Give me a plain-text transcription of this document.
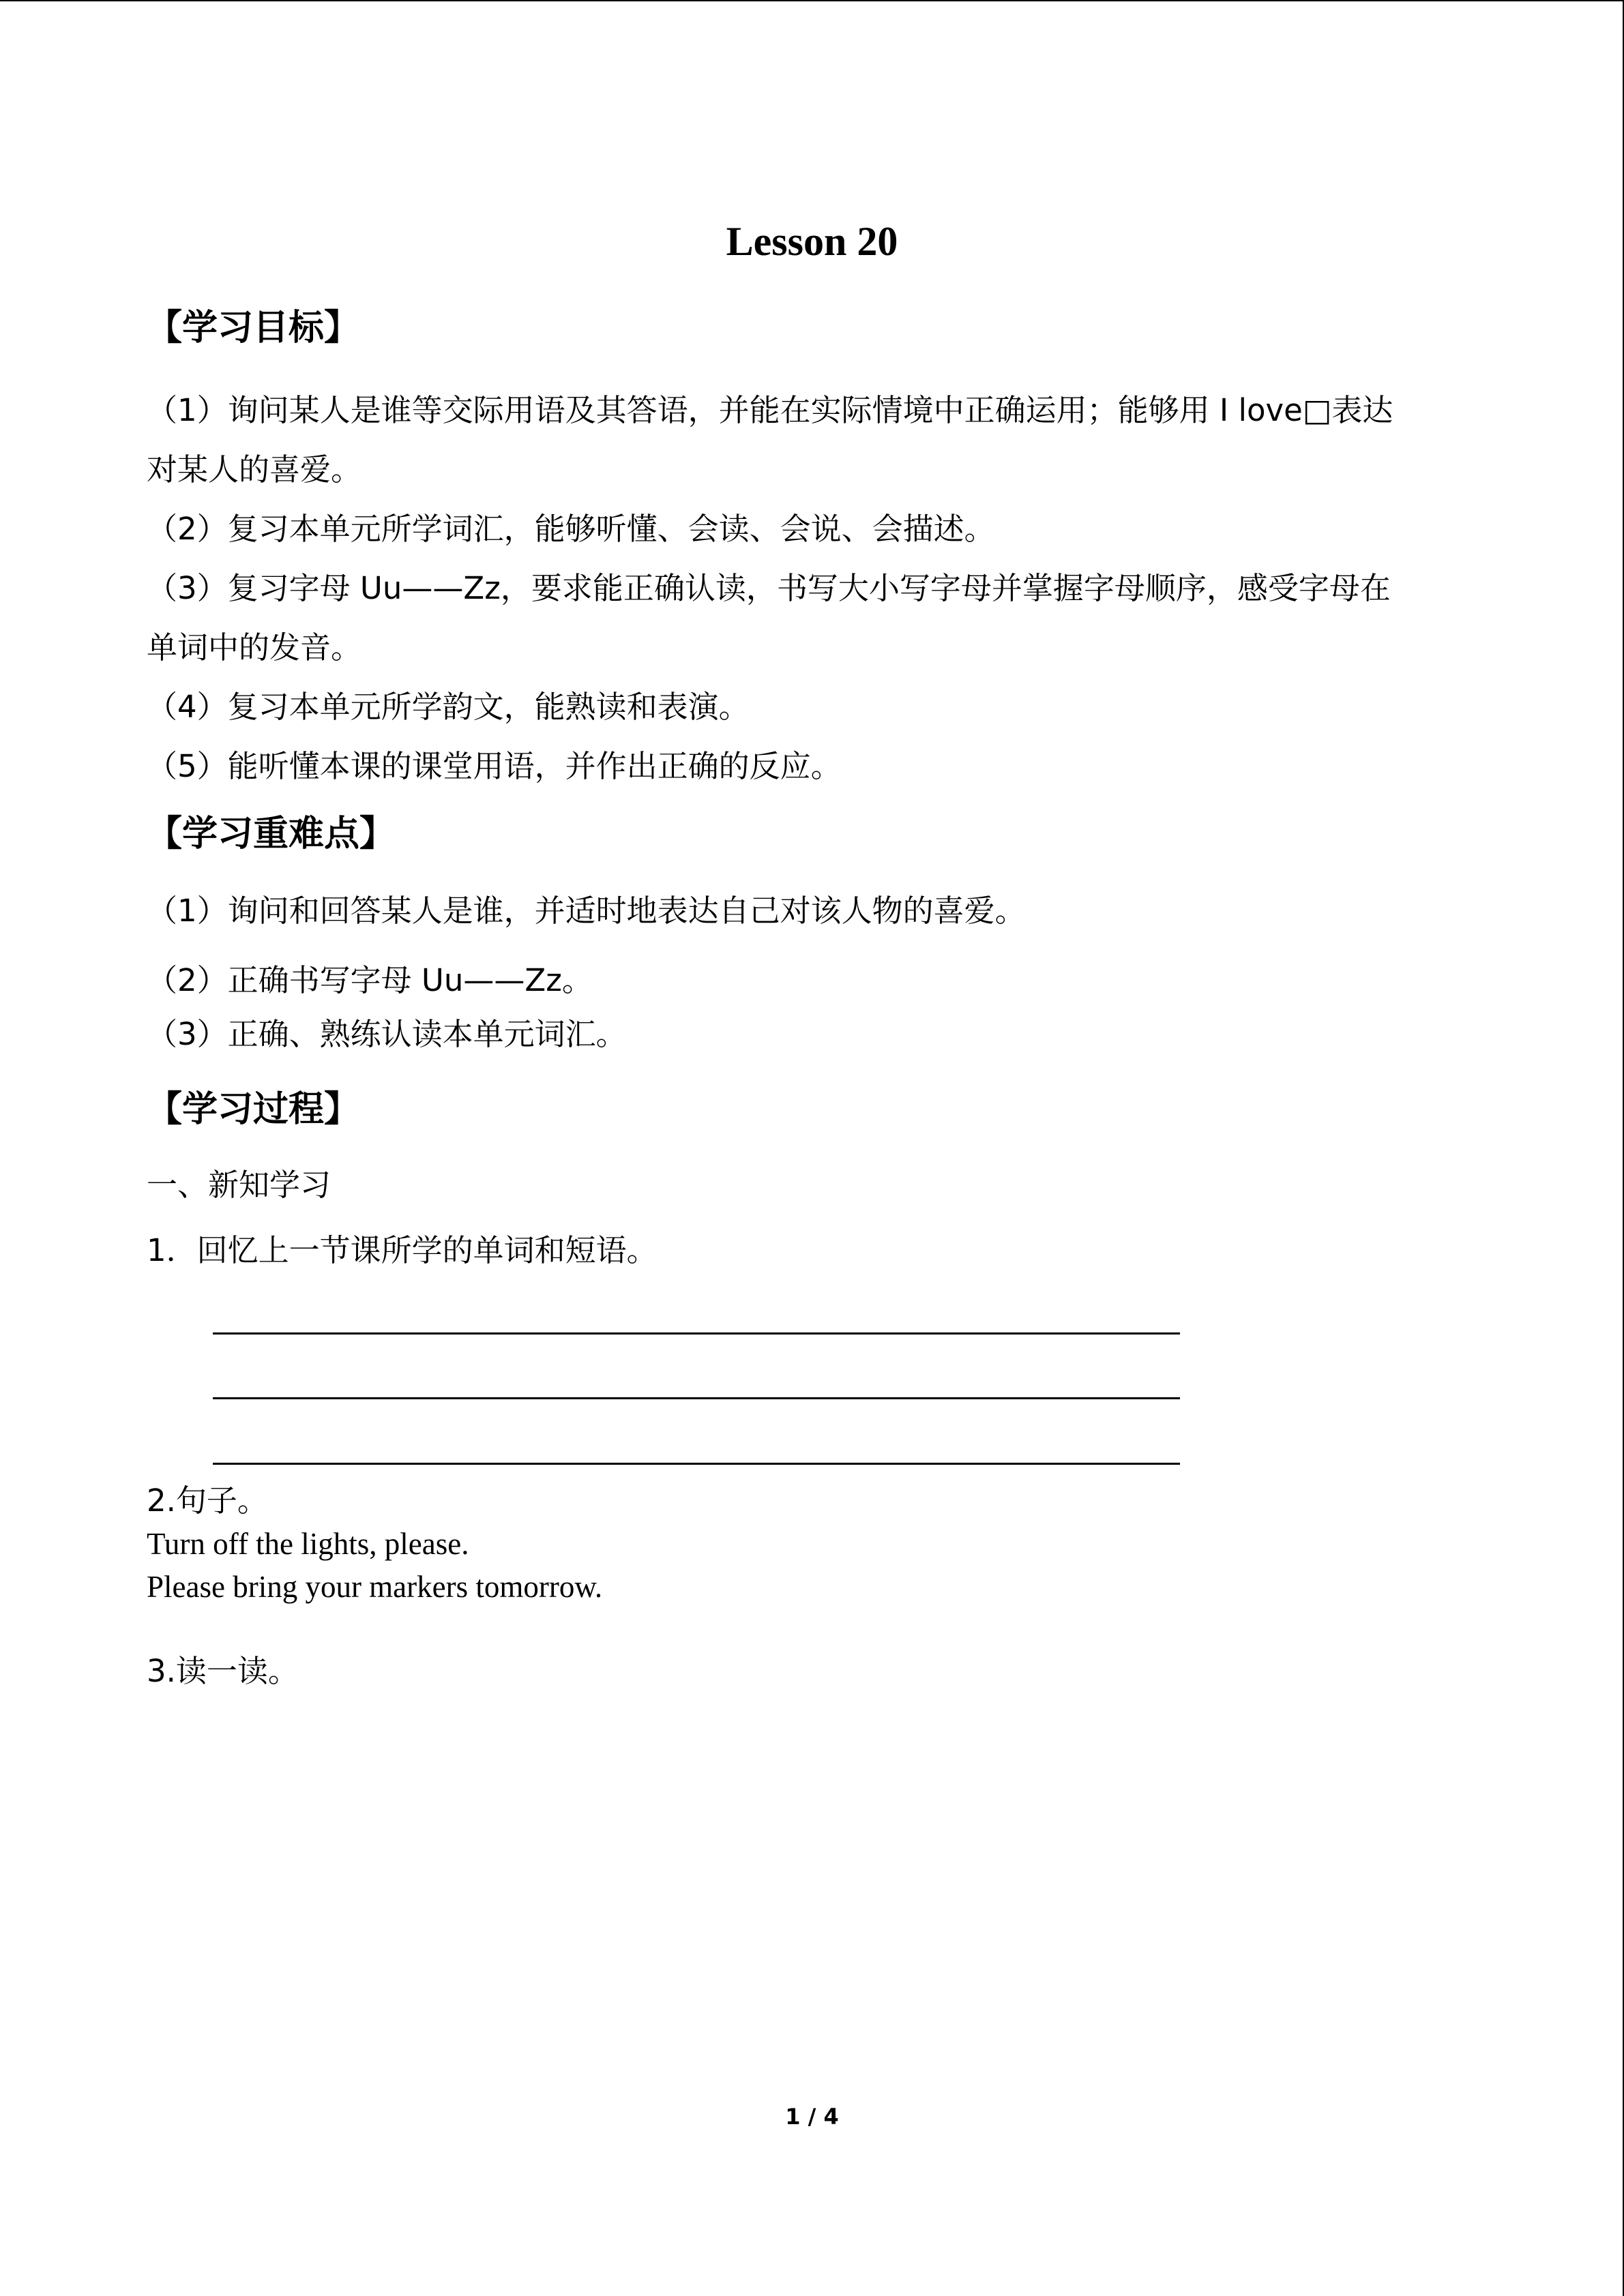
Lesson 20
【学习目标】
（1）询问某人是谁等交际用语及其答语，并能在实际情境中正确运用；能够用 I love□表达
对某人的喜爱。
（2）复习本单元所学词汇，能够听懂、会读、会说、会描述。
（3）复习字母 Uu——Zz，要求能正确认读，书写大小写字母并掌握字母顺序，感受字母在
单词中的发音。
（4）复习本单元所学韵文，能熟读和表演。
（5）能听懂本课的课堂用语，并作出正确的反应。
【学习重难点】
（1）询问和回答某人是谁，并适时地表达自己对该人物的喜爱。
（2）正确书写字母 Uu——Zz。
（3）正确、熟练认读本单元词汇。
【学习过程】
一、新知学习
1．回忆上一节课所学的单词和短语。
2.句子。
Turn off the lights, please.
Please bring your markers tomorrow.
3.读一读。
1 / 4
